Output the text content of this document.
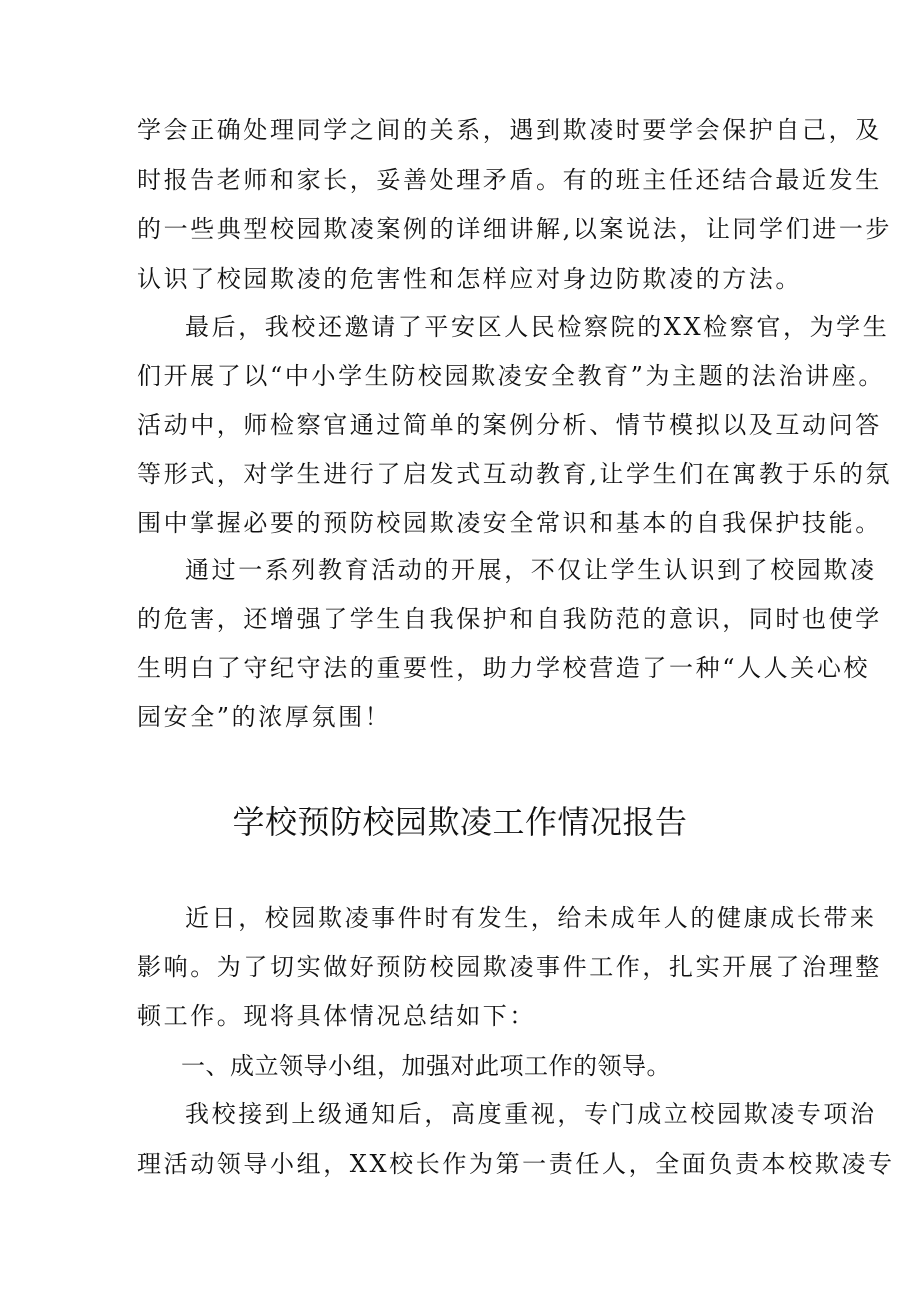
学会正确处理同学之间的关系，遇到欺凌时要学会保护自己，及
时报告老师和家长，妥善处理矛盾。有的班主任还结合最近发生
的一些典型校园欺凌案例的详细讲解,以案说法，让同学们进一步
认识了校园欺凌的危害性和怎样应对身边防欺凌的方法。
最后，我校还邀请了平安区人民检察院的XX检察官，为学生
们开展了以“中小学生防校园欺凌安全教育”为主题的法治讲座。
活动中，师检察官通过简单的案例分析、情节模拟以及互动问答
等形式，对学生进行了启发式互动教育,让学生们在寓教于乐的氛
围中掌握必要的预防校园欺凌安全常识和基本的自我保护技能。
通过一系列教育活动的开展，不仅让学生认识到了校园欺凌
的危害，还增强了学生自我保护和自我防范的意识，同时也使学
生明白了守纪守法的重要性，助力学校营造了一种“人人关心校
园安全”的浓厚氛围！
学校预防校园欺凌工作情况报告
近日，校园欺凌事件时有发生，给未成年人的健康成长带来
影响。为了切实做好预防校园欺凌事件工作，扎实开展了治理整
顿工作。现将具体情况总结如下：
一、成立领导小组，加强对此项工作的领导。
我校接到上级通知后，高度重视，专门成立校园欺凌专项治
理活动领导小组，XX校长作为第一责任人，全面负责本校欺凌专
